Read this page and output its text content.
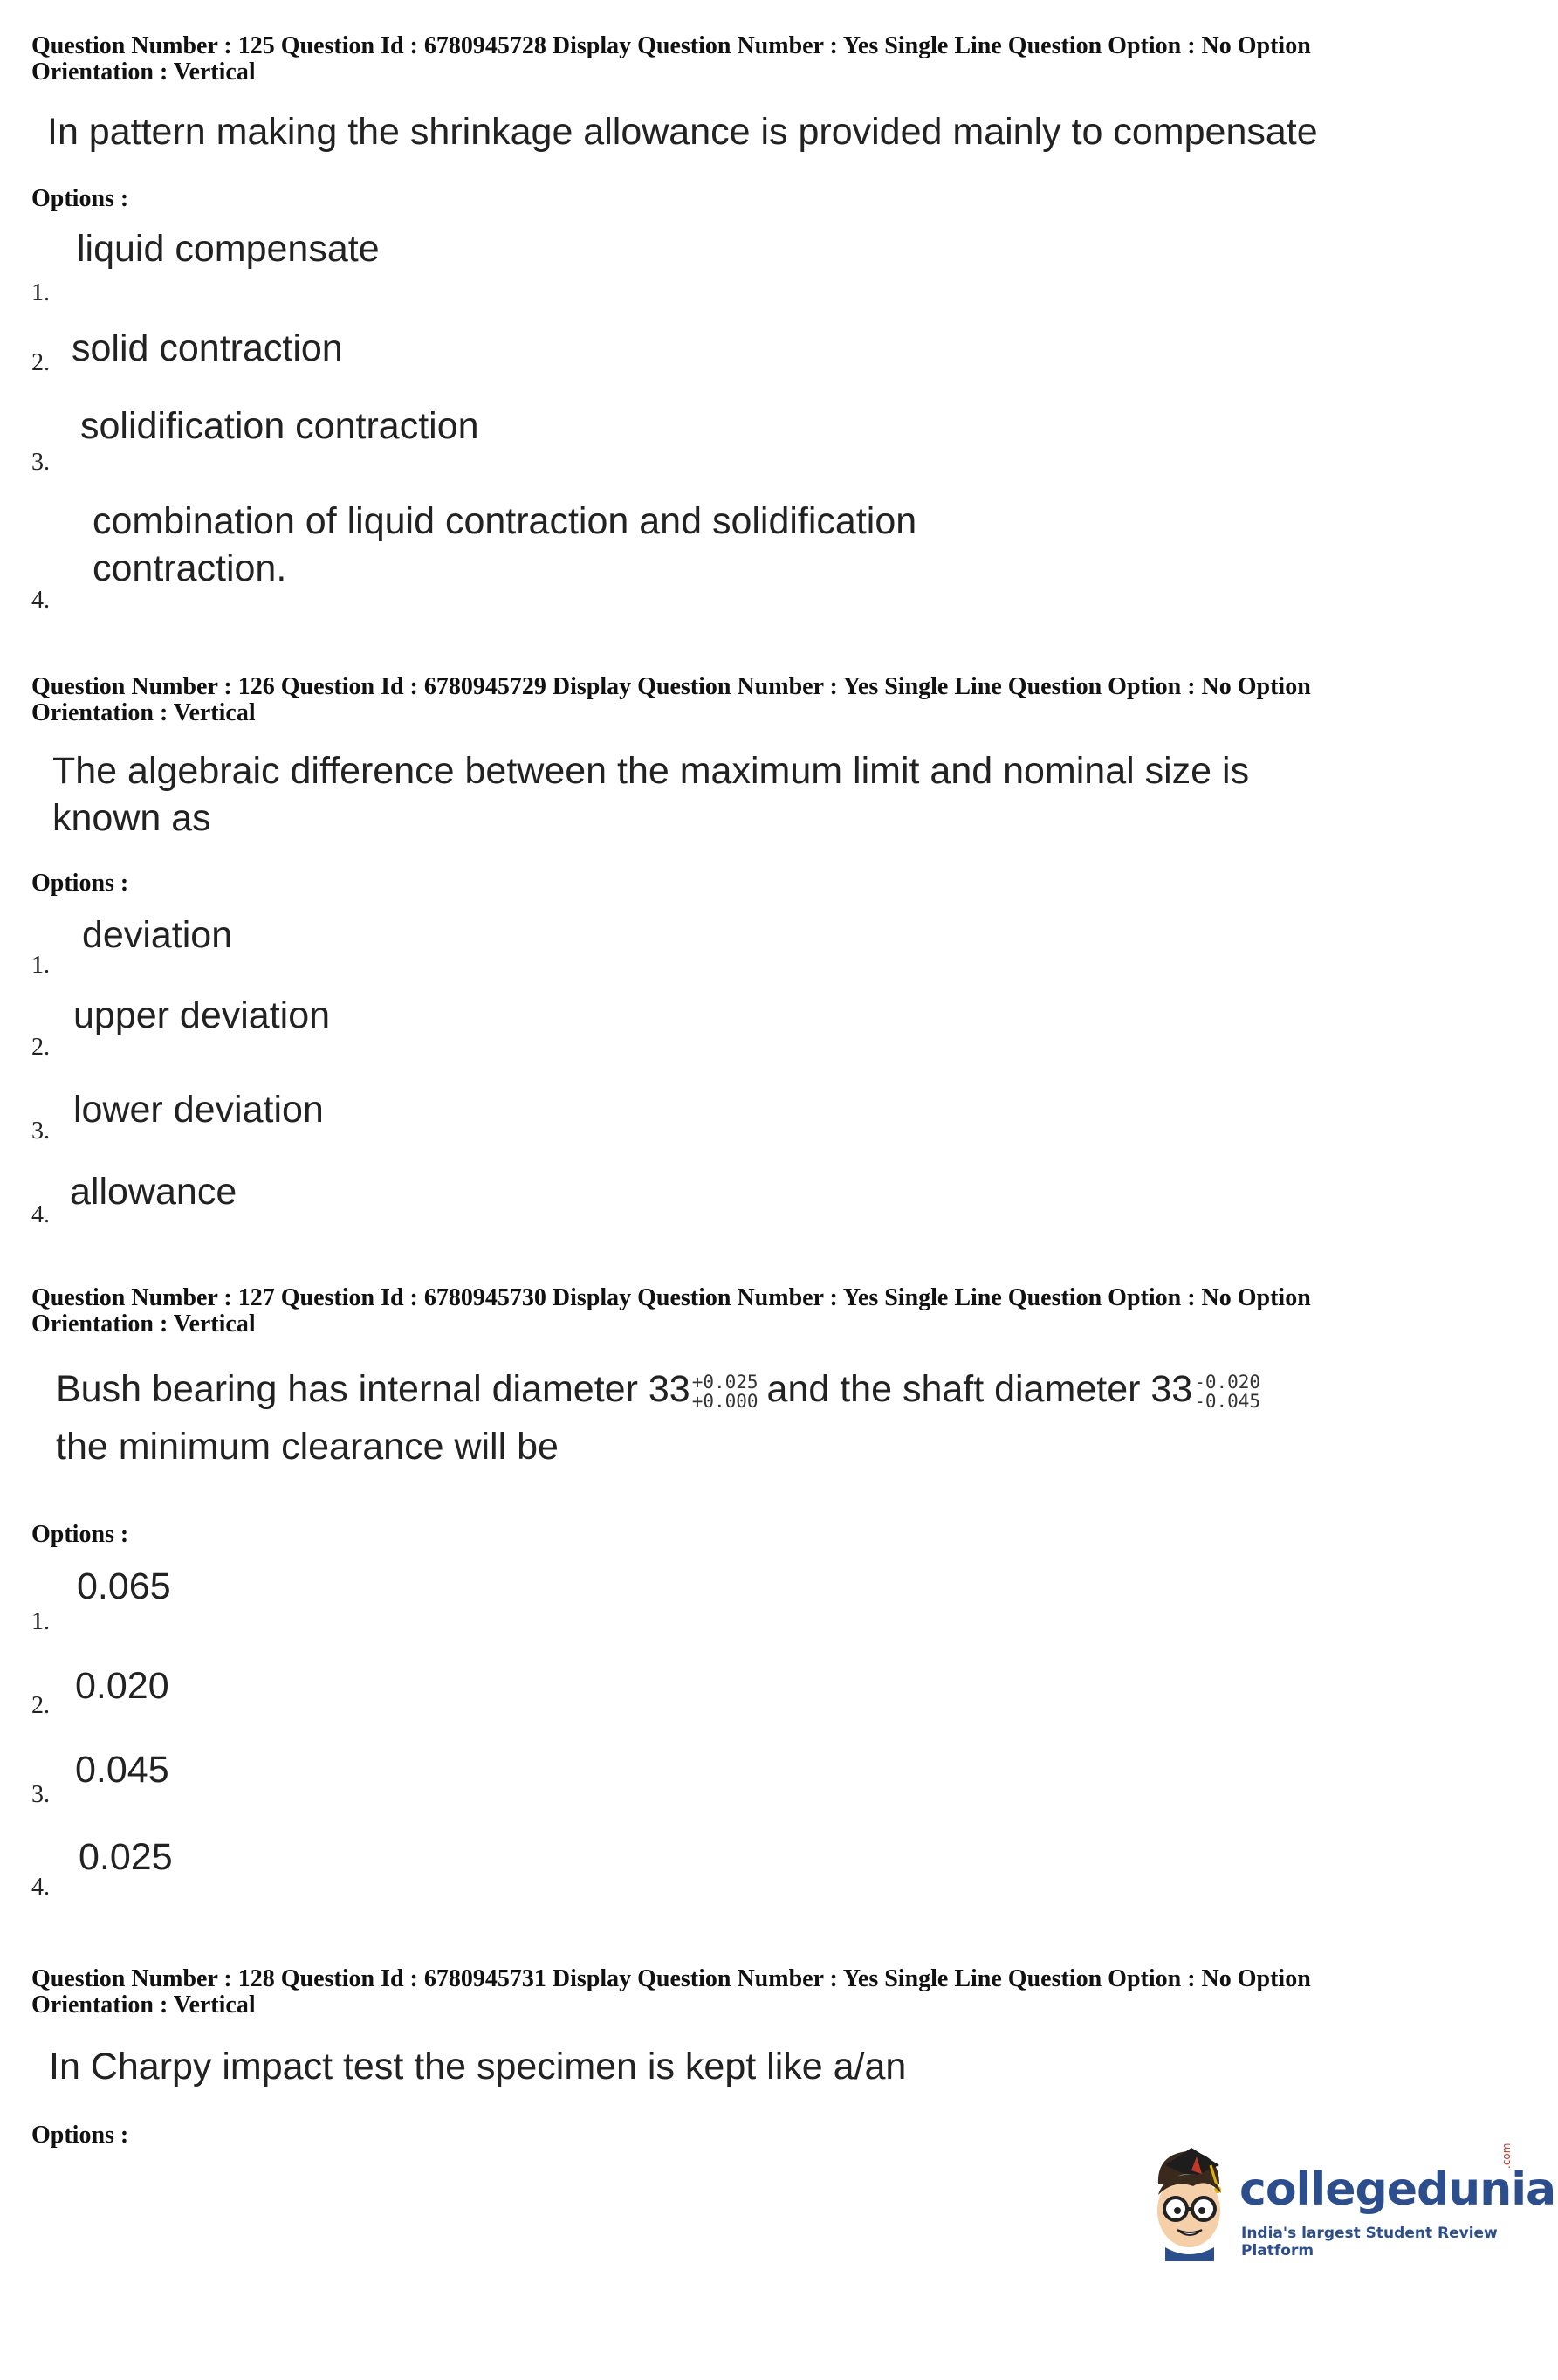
Question Number : 125 Question Id : 6780945728 Display Question Number : Yes Single Line Question Option : No Option
Orientation : Vertical

In pattern making the shrinkage allowance is provided mainly to compensate

Options :

1.
liquid compensate
2. solid contraction
3.
solidification contraction
4.
combination of liquid contraction and solidification
contraction.

Question Number : 126 Question Id : 6780945729 Display Question Number : Yes Single Line Question Option : No Option
Orientation : Vertical

The algebraic difference between the maximum limit and nominal size is

known as

Options :

1.
deviation
2.
upper deviation
3.
lower deviation
4.
allowance

Question Number : 127 Question Id : 6780945730 Display Question Number : Yes Single Line Question Option : No Option
Orientation : Vertical

Bush bearing has internal diameter 33 +0.025
+0.000 and the shaft diameter 33 -0.020
-0.045

the minimum clearance will be

Options :

1.
0.065
2. 0.020
3.
0.045
4.
0.025

Question Number : 128 Question Id : 6780945731 Display Question Number : Yes Single Line Question Option : No Option
Orientation : Vertical

In Charpy impact test the specimen is kept like a/an

Options :

collegedunia
.com
India's largest Student Review Platform
